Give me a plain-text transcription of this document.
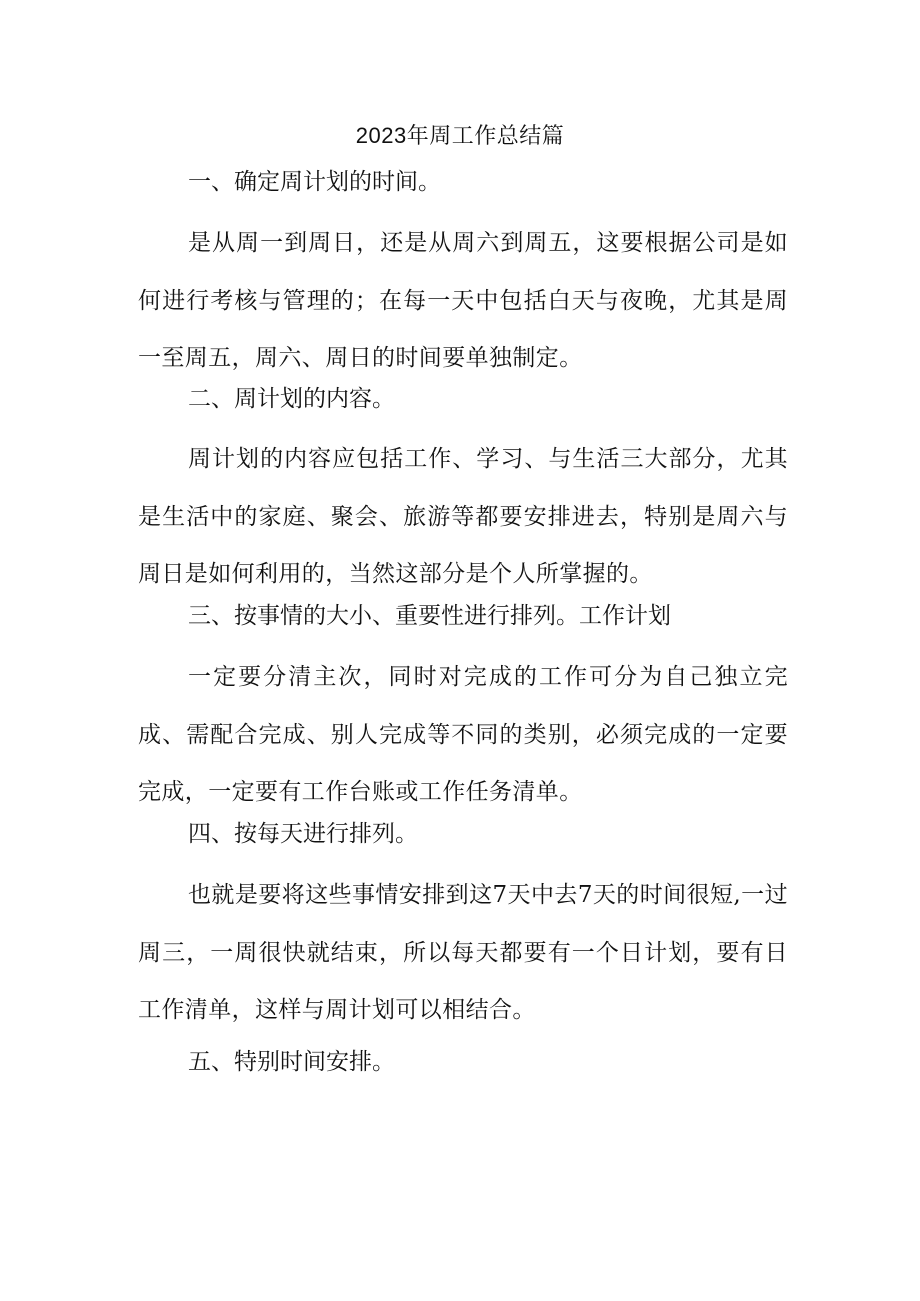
2023年周工作总结篇
一、确定周计划的时间。
是从周一到周日，还是从周六到周五，这要根据公司是如何进行考核与管理的；在每一天中包括白天与夜晚，尤其是周一至周五，周六、周日的时间要单独制定。
二、周计划的内容。
周计划的内容应包括工作、学习、与生活三大部分，尤其是生活中的家庭、聚会、旅游等都要安排进去，特别是周六与周日是如何利用的，当然这部分是个人所掌握的。
三、按事情的大小、重要性进行排列。工作计划
一定要分清主次，同时对完成的工作可分为自己独立完成、需配合完成、别人完成等不同的类别，必须完成的一定要完成，一定要有工作台账或工作任务清单。
四、按每天进行排列。
也就是要将这些事情安排到这7天中去7天的时间很短,一过周三，一周很快就结束，所以每天都要有一个日计划，要有日工作清单，这样与周计划可以相结合。
五、特别时间安排。
